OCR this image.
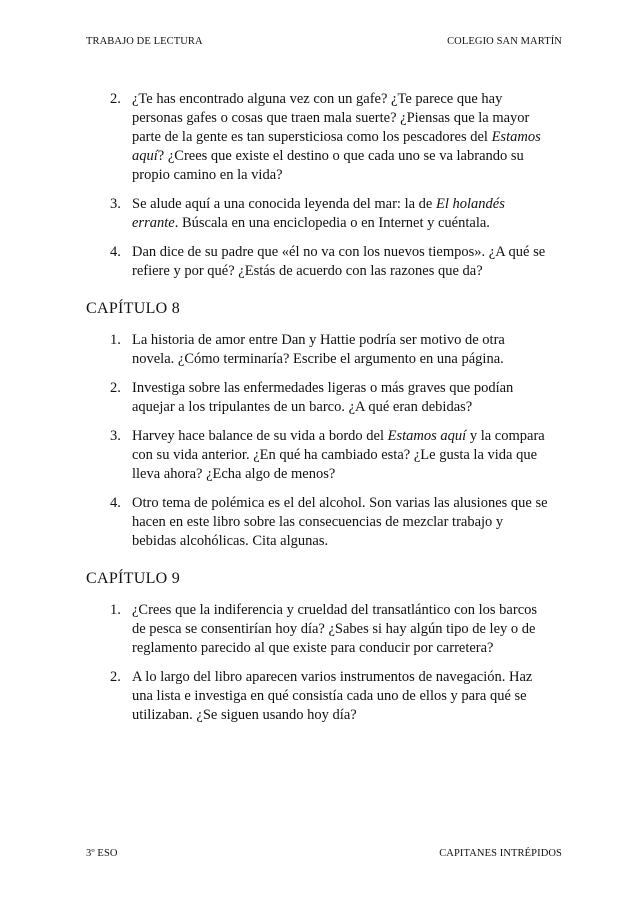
TRABAJO DE LECTURA	COLEGIO SAN MARTÍN
2. ¿Te has encontrado alguna vez con un gafe? ¿Te parece que hay personas gafes o cosas que traen mala suerte? ¿Piensas que la mayor parte de la gente es tan supersticiosa como los pescadores del Estamos aquí? ¿Crees que existe el destino o que cada uno se va labrando su propio camino en la vida?
3. Se alude aquí a una conocida leyenda del mar: la de El holandés errante. Búscala en una enciclopedia o en Internet y cuéntala.
4. Dan dice de su padre que «él no va con los nuevos tiempos». ¿A qué se refiere y por qué? ¿Estás de acuerdo con las razones que da?
CAPÍTULO 8
1. La historia de amor entre Dan y Hattie podría ser motivo de otra novela. ¿Cómo terminaría? Escribe el argumento en una página.
2. Investiga sobre las enfermedades ligeras o más graves que podían aquejar a los tripulantes de un barco. ¿A qué eran debidas?
3. Harvey hace balance de su vida a bordo del Estamos aquí y la compara con su vida anterior. ¿En qué ha cambiado esta? ¿Le gusta la vida que lleva ahora? ¿Echa algo de menos?
4. Otro tema de polémica es el del alcohol. Son varias las alusiones que se hacen en este libro sobre las consecuencias de mezclar trabajo y bebidas alcohólicas. Cita algunas.
CAPÍTULO 9
1. ¿Crees que la indiferencia y crueldad del transatlántico con los barcos de pesca se consentirían hoy día? ¿Sabes si hay algún tipo de ley o de reglamento parecido al que existe para conducir por carretera?
2. A lo largo del libro aparecen varios instrumentos de navegación. Haz una lista e investiga en qué consistía cada uno de ellos y para qué se utilizaban. ¿Se siguen usando hoy día?
3º ESO	CAPITANES INTRÉPIDOS
